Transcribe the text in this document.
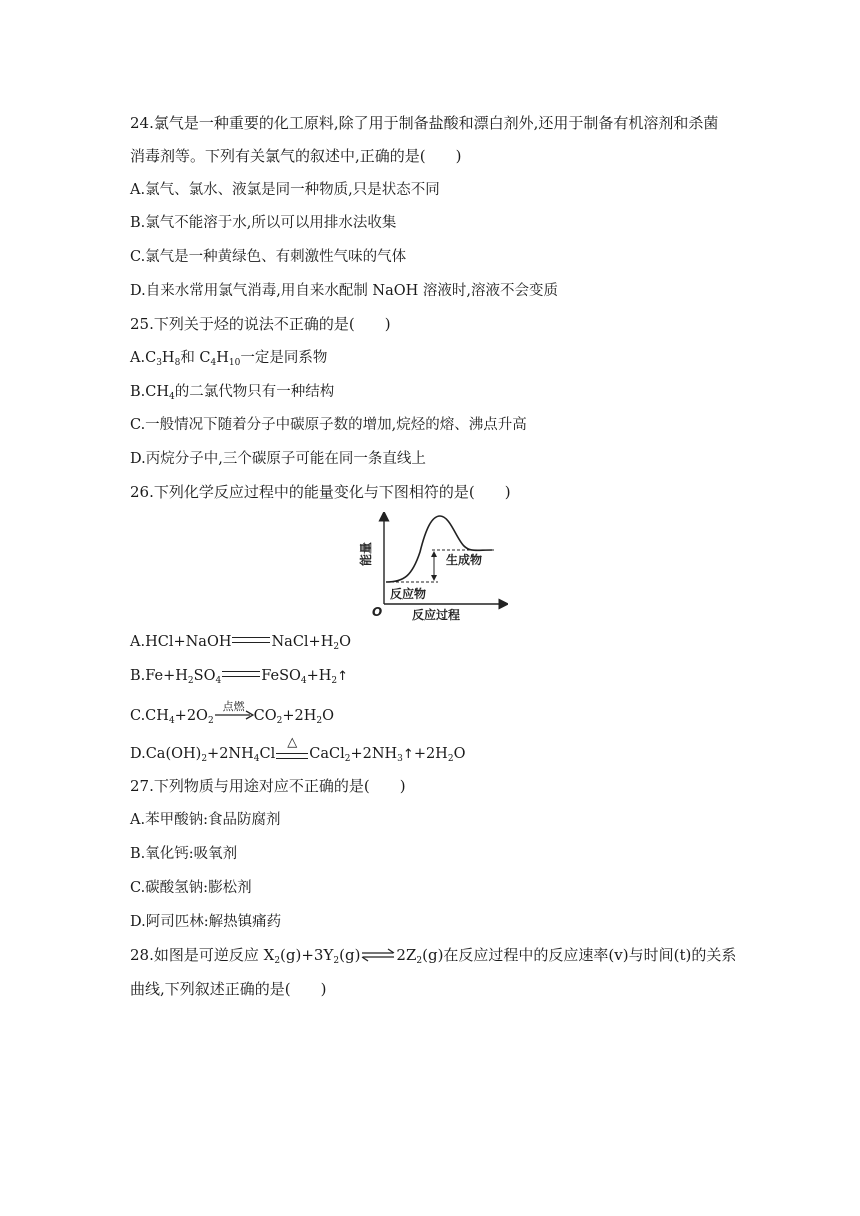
24.氯气是一种重要的化工原料,除了用于制备盐酸和漂白剂外,还用于制备有机溶剂和杀菌
消毒剂等。下列有关氯气的叙述中,正确的是(　　)
A.氯气、氯水、液氯是同一种物质,只是状态不同
B.氯气不能溶于水,所以可以用排水法收集
C.氯气是一种黄绿色、有刺激性气味的气体
D.自来水常用氯气消毒,用自来水配制 NaOH 溶液时,溶液不会变质
25.下列关于烃的说法不正确的是(　　)
$A.C_3H_8$和 $C_4H_{10}$一定是同系物
$B.CH_4$的二氯代物只有一种结构
C.一般情况下随着分子中碳原子数的增加,烷烃的熔、沸点升高
D.丙烷分子中,三个碳原子可能在同一条直线上
26.下列化学反应过程中的能量变化与下图相符的是(　　)
生成物
反应物
O 反应过程
能量
A.HCl+NaOH	$NaCl+H_2O$
$B.Fe+H_2SO_4$	$FeSO_4+H_2↑$
$C.CH_4+2O_2$
点燃
$CO_2+2H_2O$
$D.Ca(OH)_2+2NH_4Cl$
△
$CaCl_2+2NH_3↑+2H_2O$
27.下列物质与用途对应不正确的是(　　)
A.苯甲酸钠:食品防腐剂
B.氧化钙:吸氧剂
C.碳酸氢钠:膨松剂
D.阿司匹林:解热镇痛药
28.如图是可逆反应 $X_2(g)+3Y_2(g)\rightleftharpoons 2Z_2(g)$在反应过程中的反应速率(v)与时间(t)的关系
曲线,下列叙述正确的是(　　)
